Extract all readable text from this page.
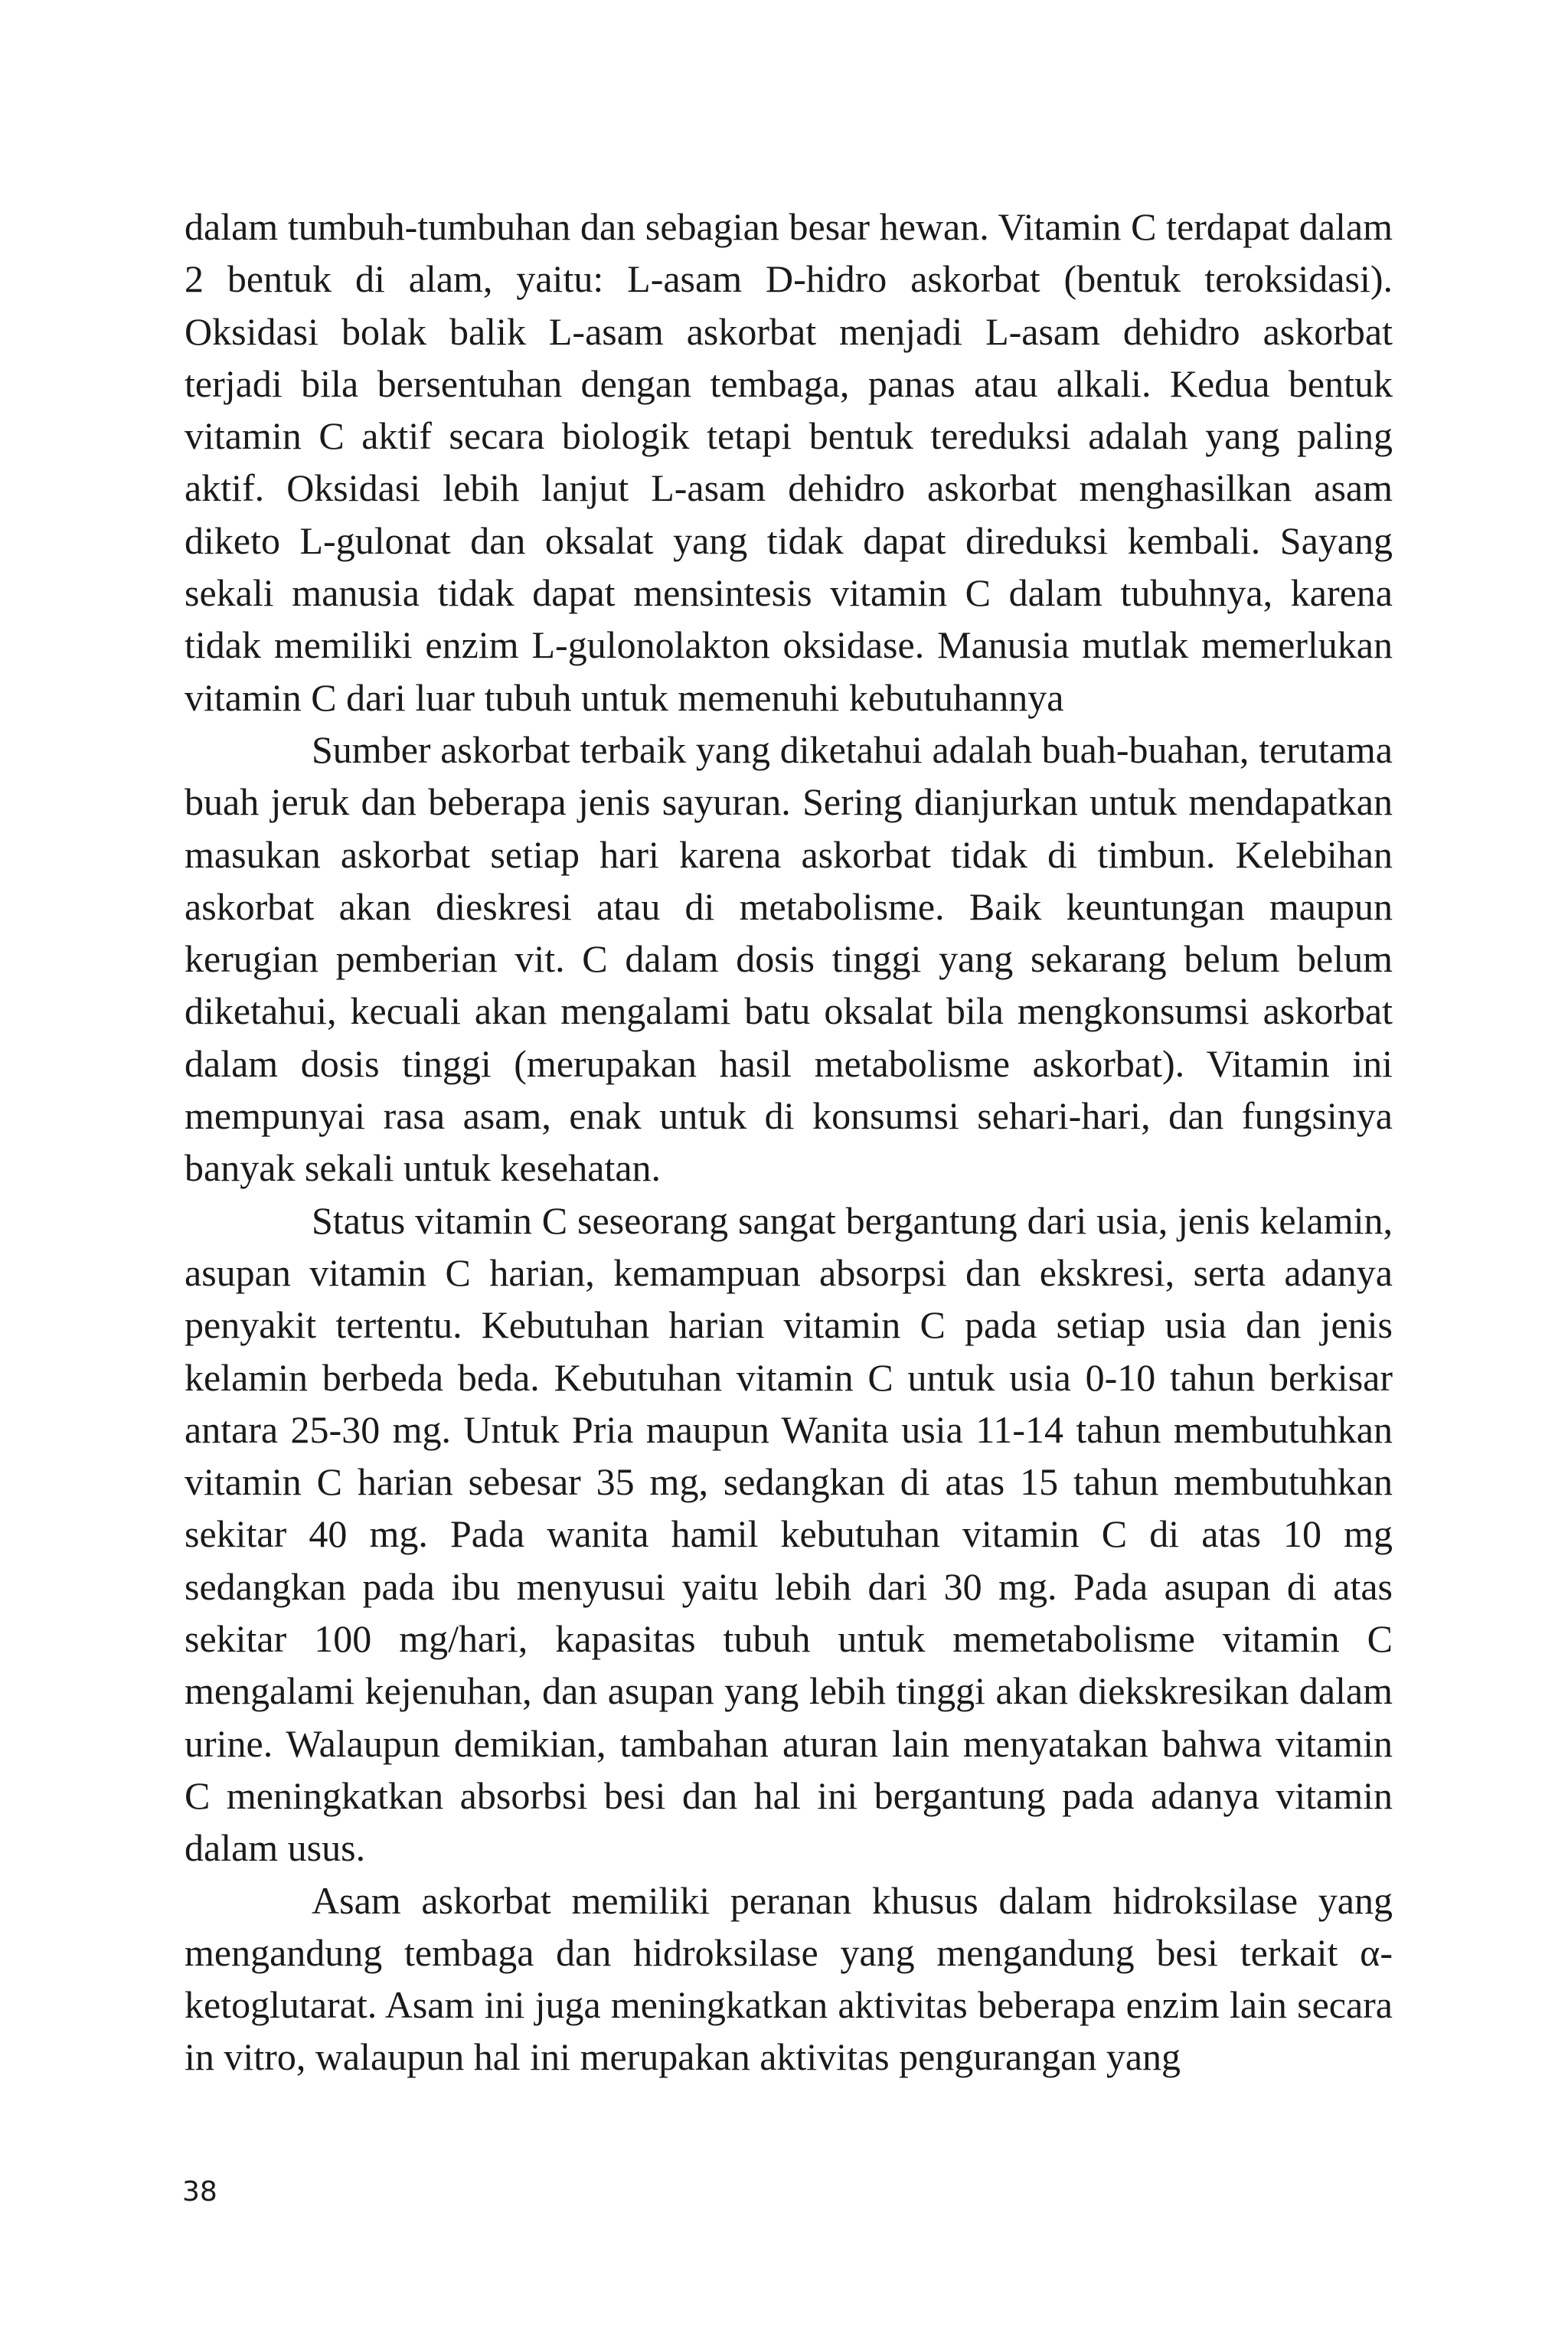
dalam tumbuh-tumbuhan dan sebagian besar hewan. Vitamin C terdapat dalam 2 bentuk di alam, yaitu: L-asam D-hidro askorbat (bentuk teroksidasi). Oksidasi bolak balik L-asam askorbat menjadi L-asam dehidro askorbat terjadi bila bersentuhan dengan tembaga, panas atau alkali. Kedua bentuk vitamin C aktif secara biologik tetapi bentuk tereduksi adalah yang paling aktif. Oksidasi lebih lanjut L-asam dehidro askorbat menghasilkan asam diketo L-gulonat dan oksalat yang tidak dapat direduksi kembali. Sayang sekali manusia tidak dapat mensintesis vitamin C dalam tubuhnya, karena tidak memiliki enzim L-gulonolakton oksidase. Manusia mutlak memerlukan vitamin C dari luar tubuh untuk memenuhi kebutuhannya

Sumber askorbat terbaik yang diketahui adalah buah-buahan, terutama buah jeruk dan beberapa jenis sayuran. Sering dianjurkan untuk mendapatkan masukan askorbat setiap hari karena askorbat tidak di timbun. Kelebihan askorbat akan dieskresi atau di metabolisme. Baik keuntungan maupun kerugian pemberian vit. C dalam dosis tinggi yang sekarang belum belum diketahui, kecuali akan mengalami batu oksalat bila mengkonsumsi askorbat dalam dosis tinggi (merupakan hasil metabolisme askorbat). Vitamin ini mempunyai rasa asam, enak untuk di konsumsi sehari-hari, dan fungsinya banyak sekali untuk kesehatan.

Status vitamin C seseorang sangat bergantung dari usia, jenis kelamin, asupan vitamin C harian, kemampuan absorpsi dan ekskresi, serta adanya penyakit tertentu. Kebutuhan harian vitamin C pada setiap usia dan jenis kelamin berbeda beda. Kebutuhan vitamin C untuk usia 0-10 tahun berkisar antara 25-30 mg. Untuk Pria maupun Wanita usia 11-14 tahun membutuhkan vitamin C harian sebesar 35 mg, sedangkan di atas 15 tahun membutuhkan sekitar 40 mg. Pada wanita hamil kebutuhan vitamin C di atas 10 mg sedangkan pada ibu menyusui yaitu lebih dari 30 mg. Pada asupan di atas sekitar 100 mg/hari, kapasitas tubuh untuk memetabolisme vitamin C mengalami kejenuhan, dan asupan yang lebih tinggi akan diekskresikan dalam urine. Walaupun demikian, tambahan aturan lain menyatakan bahwa vitamin C meningkatkan absorbsi besi dan hal ini bergantung pada adanya vitamin dalam usus.

Asam askorbat memiliki peranan khusus dalam hidroksilase yang mengandung tembaga dan hidroksilase yang mengandung besi terkait α-ketoglutarat. Asam ini juga meningkatkan aktivitas beberapa enzim lain secara in vitro, walaupun hal ini merupakan aktivitas pengurangan yang

38
